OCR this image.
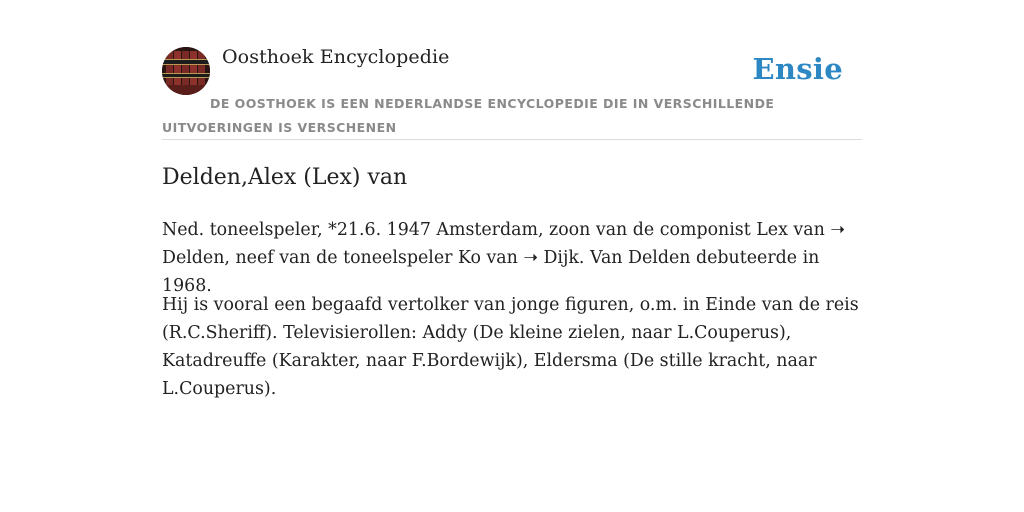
Oosthoek Encyclopedie	Ensie
DE OOSTHOEK IS EEN NEDERLANDSE ENCYCLOPEDIE DIE IN VERSCHILLENDE UITVOERINGEN IS VERSCHENEN
Delden,Alex (Lex) van

Ned. toneelspeler, *21.6. 1947 Amsterdam, zoon van de componist Lex van ➝ Delden, neef van de toneelspeler Ko van ➝ Dijk. Van Delden debuteerde in 1968.

Hij is vooral een begaafd vertolker van jonge figuren, o.m. in Einde van de reis (R.C.Sheriff). Televisierollen: Addy (De kleine zielen, naar L.Couperus), Katadreuffe (Karakter, naar F.Bordewijk), Eldersma (De stille kracht, naar L.Couperus).
